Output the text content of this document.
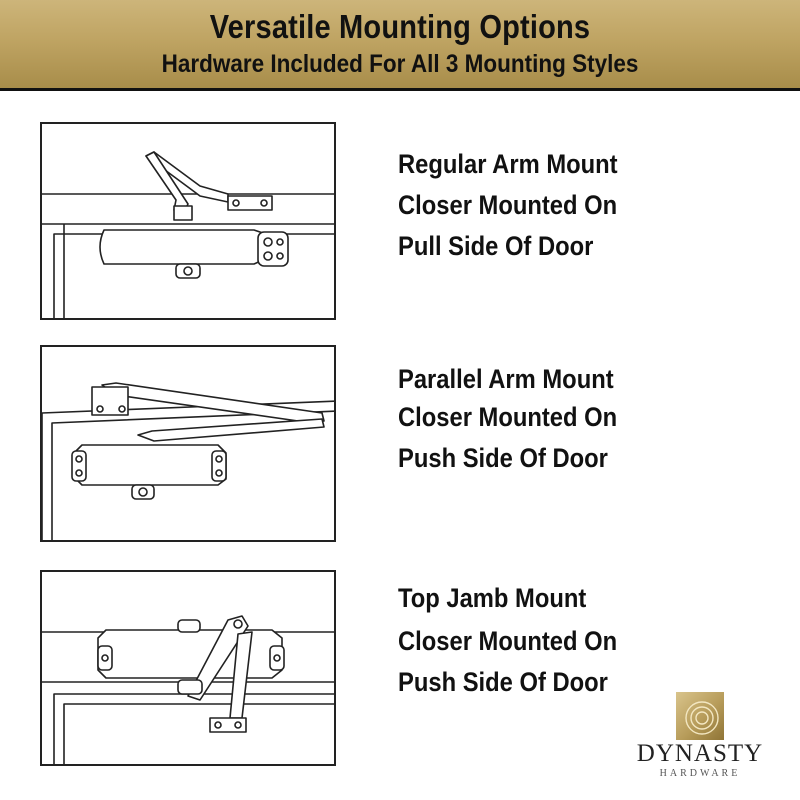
Versatile Mounting Options
Hardware Included For All 3 Mounting Styles
Regular Arm Mount
Closer Mounted On
Pull Side Of Door
Parallel Arm Mount
Closer Mounted On
Push Side Of Door
Top Jamb Mount
Closer Mounted On
Push Side Of Door
DYNASTY
HARDWARE
